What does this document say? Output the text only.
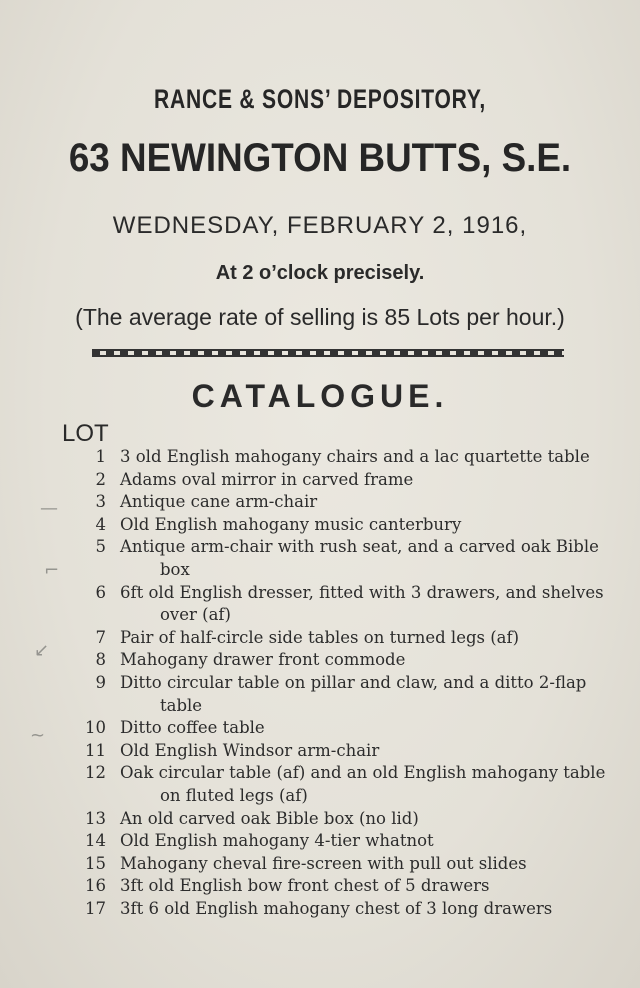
RANCE & SONS’ DEPOSITORY,
63 NEWINGTON BUTTS, S.E.
WEDNESDAY, FEBRUARY 2, 1916,
At 2 o’clock precisely.
(The average rate of selling is 85 Lots per hour.)
CATALOGUE.
LOT
1 3 old English mahogany chairs and a lac quartette table
2 Adams oval mirror in carved frame
3 Antique cane arm-chair
4 Old English mahogany music canterbury
5 Antique arm-chair with rush seat, and a carved oak Bible
box
6 6ft old English dresser, fitted with 3 drawers, and shelves
over (af)
7 Pair of half-circle side tables on turned legs (af)
8 Mahogany drawer front commode
9 Ditto circular table on pillar and claw, and a ditto 2-flap
table
10 Ditto coffee table
11 Old English Windsor arm-chair
12 Oak circular table (af) and an old English mahogany table
on fluted legs (af)
13 An old carved oak Bible box (no lid)
14 Old English mahogany 4-tier whatnot
15 Mahogany cheval fire-screen with pull out slides
16 3ft old English bow front chest of 5 drawers
17 3ft 6 old English mahogany chest of 3 long drawers
—
⌐
↙
~
